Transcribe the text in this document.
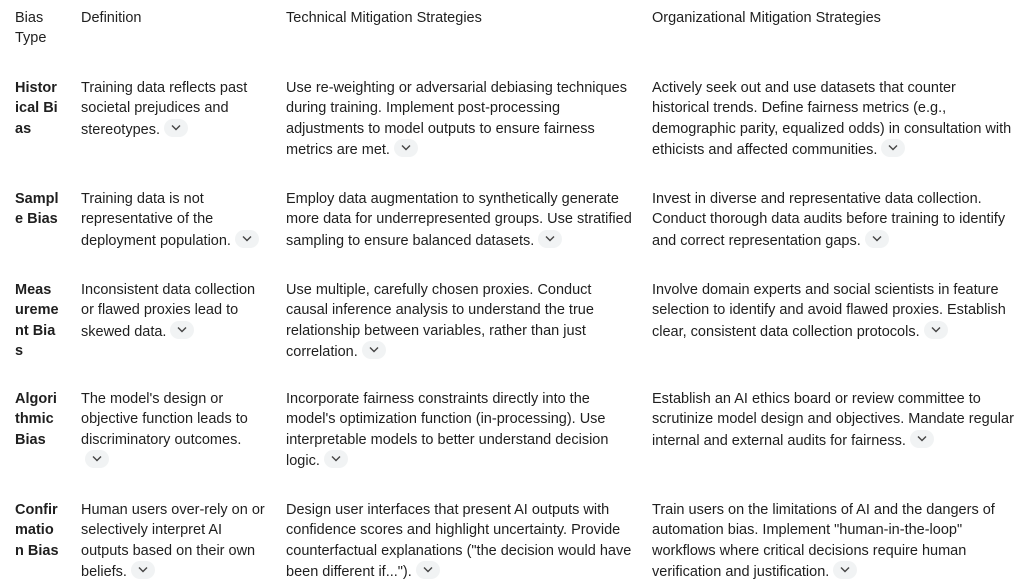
Bias Type
Definition	Technical Mitigation Strategies	Organizational Mitigation Strategies
Historical Bias
Training data reflects past societal prejudices and stereotypes.
Use re-weighting or adversarial debiasing techniques during training. Implement post-processing adjustments to model outputs to ensure fairness metrics are met.
Actively seek out and use datasets that counter historical trends. Define fairness metrics (e.g., demographic parity, equalized odds) in consultation with ethicists and affected communities.
Sample Bias
Training data is not representative of the deployment population.
Employ data augmentation to synthetically generate more data for underrepresented groups. Use stratified sampling to ensure balanced datasets.
Invest in diverse and representative data collection. Conduct thorough data audits before training to identify and correct representation gaps.
Measurement Bias
Inconsistent data collection or flawed proxies lead to skewed data.
Use multiple, carefully chosen proxies. Conduct causal inference analysis to understand the true relationship between variables, rather than just correlation.
Involve domain experts and social scientists in feature selection to identify and avoid flawed proxies. Establish clear, consistent data collection protocols.
Algorithmic Bias
The model's design or objective function leads to discriminatory outcomes.
Incorporate fairness constraints directly into the model's optimization function (in-processing). Use interpretable models to better understand decision logic.
Establish an AI ethics board or review committee to scrutinize model design and objectives. Mandate regular internal and external audits for fairness.
Confirmation Bias
Human users over-rely on or selectively interpret AI outputs based on their own beliefs.
Design user interfaces that present AI outputs with confidence scores and highlight uncertainty. Provide counterfactual explanations ("the decision would have been different if...").
Train users on the limitations of AI and the dangers of automation bias. Implement "human-in-the-loop" workflows where critical decisions require human verification and justification.
